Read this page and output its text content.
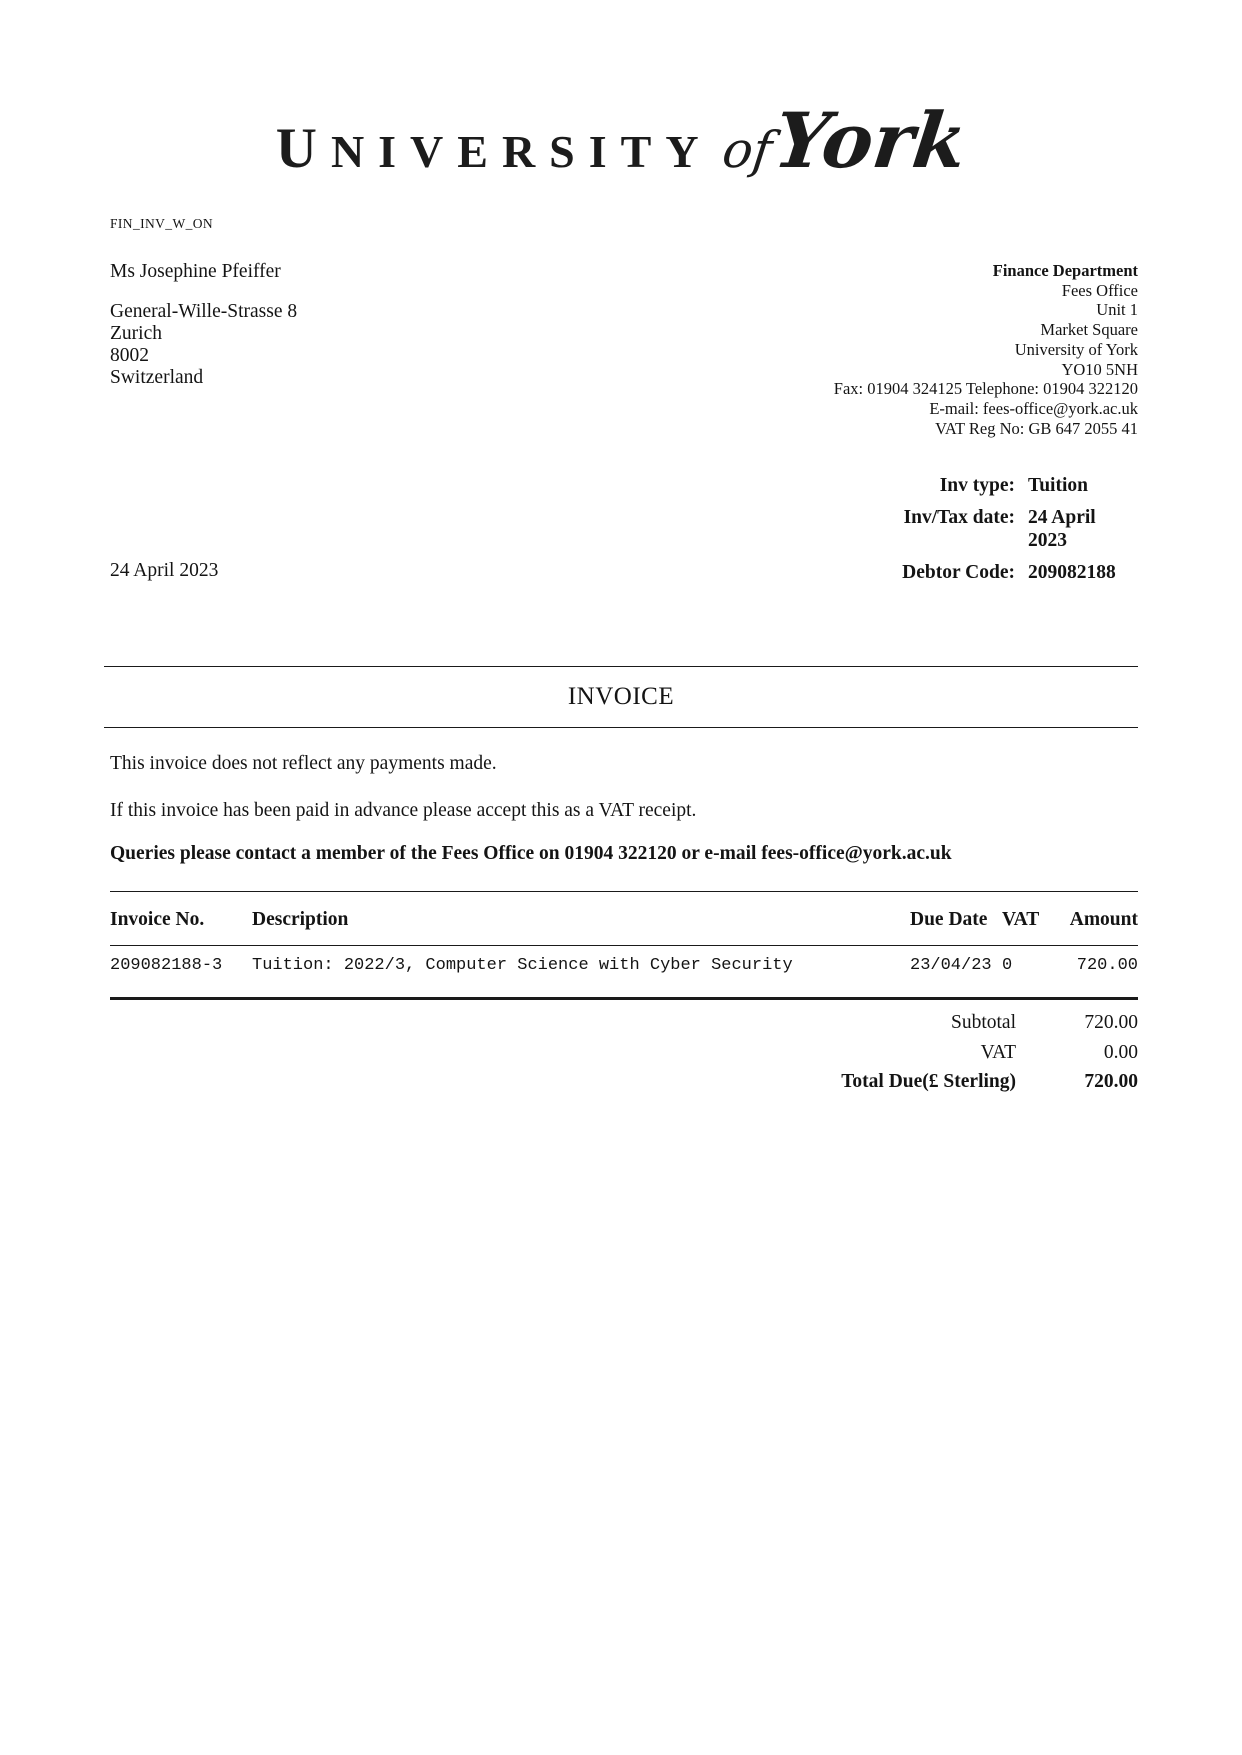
UNIVERSITY of
York
FIN_INV_W_ON
Ms Josephine Pfeiffer
General-Wille-Strasse 8
Zurich
8002
Switzerland
Finance Department
Fees Office
Unit 1
Market Square
University of York
YO10 5NH
Fax: 01904 324125 Telephone: 01904 322120
E-mail: fees-office@york.ac.uk
VAT Reg No: GB 647 2055 41
Inv type: Tuition
Inv/Tax date: 24 April 2023
Debtor Code: 209082188
24 April 2023
INVOICE
This invoice does not reflect any payments made.
If this invoice has been paid in advance please accept this as a VAT receipt.
Queries please contact a member of the Fees Office on 01904 322120 or e-mail fees-office@york.ac.uk
Invoice No.	Description	Due Date VAT	Amount
209082188-3	Tuition: 2022/3, Computer Science with Cyber Security	23/04/23 0	720.00
Subtotal	720.00
VAT	0.00
Total Due(£ Sterling)	720.00
